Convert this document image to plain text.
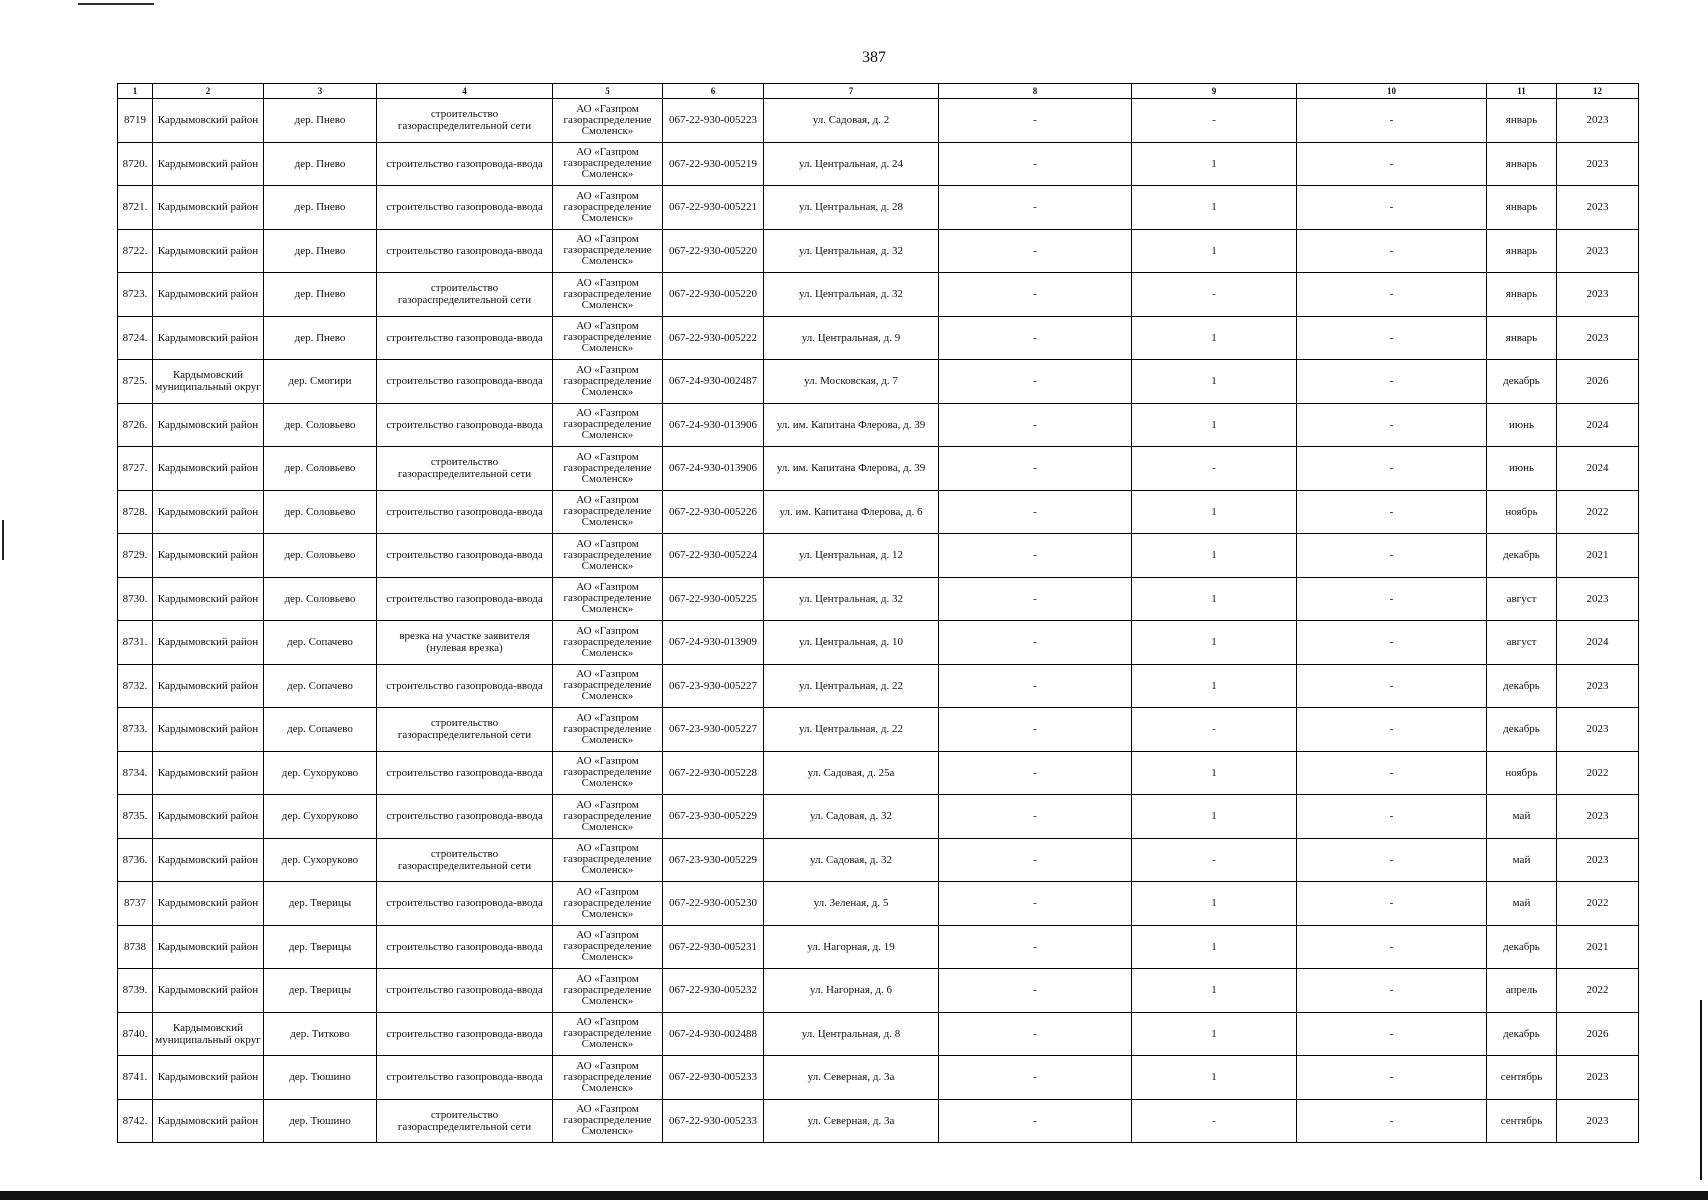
387
1	2	3	4	5	6	7	8	9	10	11	12
8719	Кардымовский район	дер. Пнево	строительство газораспределительной сети	АО «Газпром газораспределение Смоленск»	067-22-930-005223	ул. Садовая, д. 2	-	-	-	январь	2023
8720.	Кардымовский район	дер. Пнево	строительство газопровода-ввода	АО «Газпром газораспределение Смоленск»	067-22-930-005219	ул. Центральная, д. 24	-	1	-	январь	2023
8721.	Кардымовский район	дер. Пнево	строительство газопровода-ввода	АО «Газпром газораспределение Смоленск»	067-22-930-005221	ул. Центральная, д. 28	-	1	-	январь	2023
8722.	Кардымовский район	дер. Пнево	строительство газопровода-ввода	АО «Газпром газораспределение Смоленск»	067-22-930-005220	ул. Центральная, д. 32	-	1	-	январь	2023
8723.	Кардымовский район	дер. Пнево	строительство газораспределительной сети	АО «Газпром газораспределение Смоленск»	067-22-930-005220	ул. Центральная, д. 32	-	-	-	январь	2023
8724.	Кардымовский район	дер. Пнево	строительство газопровода-ввода	АО «Газпром газораспределение Смоленск»	067-22-930-005222	ул. Центральная, д. 9	-	1	-	январь	2023
8725.	Кардымовский муниципальный округ	дер. Смогири	строительство газопровода-ввода	АО «Газпром газораспределение Смоленск»	067-24-930-002487	ул. Московская, д. 7	-	1	-	декабрь	2026
8726.	Кардымовский район	дер. Соловьево	строительство газопровода-ввода	АО «Газпром газораспределение Смоленск»	067-24-930-013906	ул. им. Капитана Флерова, д. 39	-	1	-	июнь	2024
8727.	Кардымовский район	дер. Соловьево	строительство газораспределительной сети	АО «Газпром газораспределение Смоленск»	067-24-930-013906	ул. им. Капитана Флерова, д. 39	-	-	-	июнь	2024
8728.	Кардымовский район	дер. Соловьево	строительство газопровода-ввода	АО «Газпром газораспределение Смоленск»	067-22-930-005226	ул. им. Капитана Флерова, д. 6	-	1	-	ноябрь	2022
8729.	Кардымовский район	дер. Соловьево	строительство газопровода-ввода	АО «Газпром газораспределение Смоленск»	067-22-930-005224	ул. Центральная, д. 12	-	1	-	декабрь	2021
8730.	Кардымовский район	дер. Соловьево	строительство газопровода-ввода	АО «Газпром газораспределение Смоленск»	067-22-930-005225	ул. Центральная, д. 32	-	1	-	август	2023
8731.	Кардымовский район	дер. Сопачево	врезка на участке заявителя (нулевая врезка)	АО «Газпром газораспределение Смоленск»	067-24-930-013909	ул. Центральная, д. 10	-	1	-	август	2024
8732.	Кардымовский район	дер. Сопачево	строительство газопровода-ввода	АО «Газпром газораспределение Смоленск»	067-23-930-005227	ул. Центральная, д. 22	-	1	-	декабрь	2023
8733.	Кардымовский район	дер. Сопачево	строительство газораспределительной сети	АО «Газпром газораспределение Смоленск»	067-23-930-005227	ул. Центральная, д. 22	-	-	-	декабрь	2023
8734.	Кардымовский район	дер. Сухоруково	строительство газопровода-ввода	АО «Газпром газораспределение Смоленск»	067-22-930-005228	ул. Садовая, д. 25а	-	1	-	ноябрь	2022
8735.	Кардымовский район	дер. Сухоруково	строительство газопровода-ввода	АО «Газпром газораспределение Смоленск»	067-23-930-005229	ул. Садовая, д. 32	-	1	-	май	2023
8736.	Кардымовский район	дер. Сухоруково	строительство газораспределительной сети	АО «Газпром газораспределение Смоленск»	067-23-930-005229	ул. Садовая, д. 32	-	-	-	май	2023
8737	Кардымовский район	дер. Тверицы	строительство газопровода-ввода	АО «Газпром газораспределение Смоленск»	067-22-930-005230	ул. Зеленая, д. 5	-	1	-	май	2022
8738	Кардымовский район	дер. Тверицы	строительство газопровода-ввода	АО «Газпром газораспределение Смоленск»	067-22-930-005231	ул. Нагорная, д. 19	-	1	-	декабрь	2021
8739.	Кардымовский район	дер. Тверицы	строительство газопровода-ввода	АО «Газпром газораспределение Смоленск»	067-22-930-005232	ул. Нагорная, д. 6	-	1	-	апрель	2022
8740.	Кардымовский муниципальный округ	дер. Титково	строительство газопровода-ввода	АО «Газпром газораспределение Смоленск»	067-24-930-002488	ул. Центральная, д. 8	-	1	-	декабрь	2026
8741.	Кардымовский район	дер. Тюшино	строительство газопровода-ввода	АО «Газпром газораспределение Смоленск»	067-22-930-005233	ул. Северная, д. 3а	-	1	-	сентябрь	2023
8742.	Кардымовский район	дер. Тюшино	строительство газораспределительной сети	АО «Газпром газораспределение Смоленск»	067-22-930-005233	ул. Северная, д. 3а	-	-	-	сентябрь	2023
